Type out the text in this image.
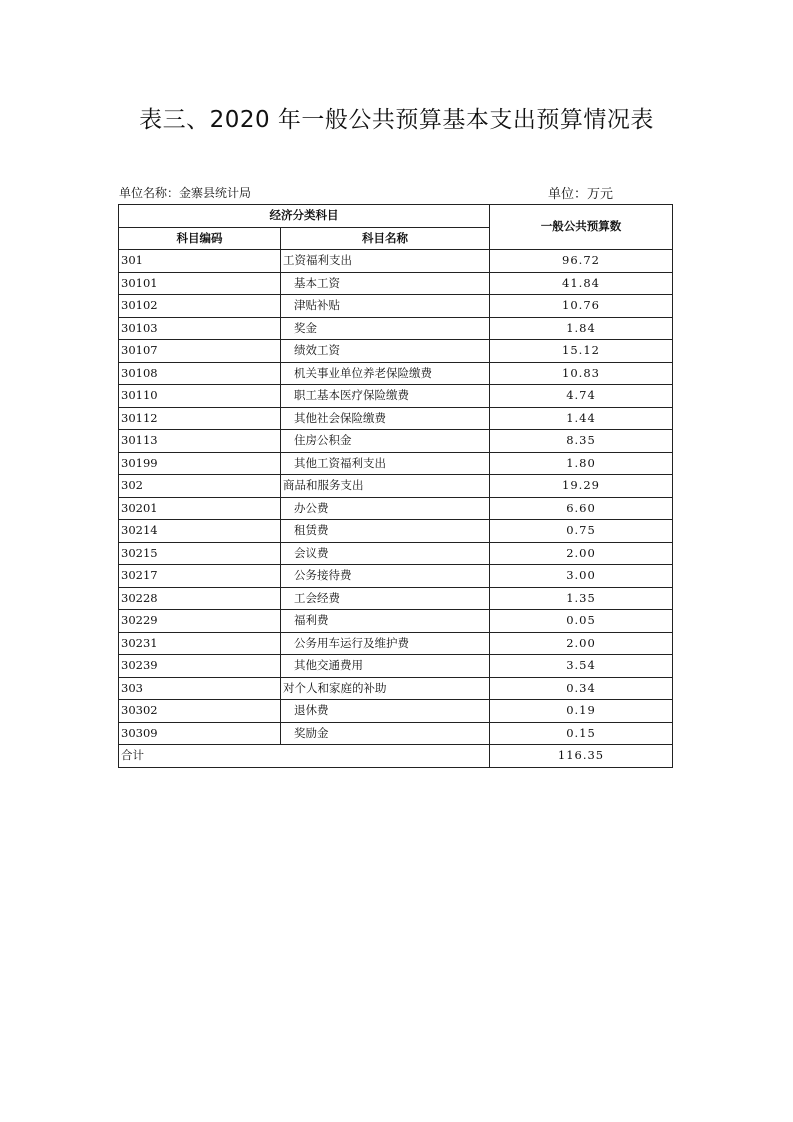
表三、2020 年一般公共预算基本支出预算情况表
单位名称：金寨县统计局	单位：万元
经济分类科目		一般公共预算数
科目编码	科目名称	
301	工资福利支出	96.72
30101	基本工资	41.84
30102	津贴补贴	10.76
30103	奖金	1.84
30107	绩效工资	15.12
30108	机关事业单位养老保险缴费	10.83
30110	职工基本医疗保险缴费	4.74
30112	其他社会保险缴费	1.44
30113	住房公积金	8.35
30199	其他工资福利支出	1.80
302	商品和服务支出	19.29
30201	办公费	6.60
30214	租赁费	0.75
30215	会议费	2.00
30217	公务接待费	3.00
30228	工会经费	1.35
30229	福利费	0.05
30231	公务用车运行及维护费	2.00
30239	其他交通费用	3.54
303	对个人和家庭的补助	0.34
30302	退休费	0.19
30309	奖励金	0.15
合计		116.35
